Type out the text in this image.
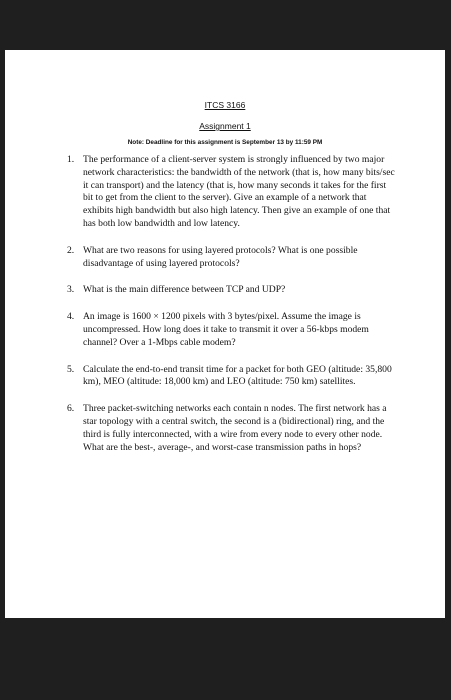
ITCS 3166
Assignment 1
Note: Deadline for this assignment is September 13 by 11:59 PM
1. The performance of a client-server system is strongly influenced by two major network characteristics: the bandwidth of the network (that is, how many bits/sec it can transport) and the latency (that is, how many seconds it takes for the first bit to get from the client to the server). Give an example of a network that exhibits high bandwidth but also high latency. Then give an example of one that has both low bandwidth and low latency.
2. What are two reasons for using layered protocols? What is one possible disadvantage of using layered protocols?
3. What is the main difference between TCP and UDP?
4. An image is 1600 × 1200 pixels with 3 bytes/pixel. Assume the image is uncompressed. How long does it take to transmit it over a 56-kbps modem channel? Over a 1-Mbps cable modem?
5. Calculate the end-to-end transit time for a packet for both GEO (altitude: 35,800 km), MEO (altitude: 18,000 km) and LEO (altitude: 750 km) satellites.
6. Three packet-switching networks each contain n nodes. The first network has a star topology with a central switch, the second is a (bidirectional) ring, and the third is fully interconnected, with a wire from every node to every other node. What are the best-, average-, and worst-case transmission paths in hops?
